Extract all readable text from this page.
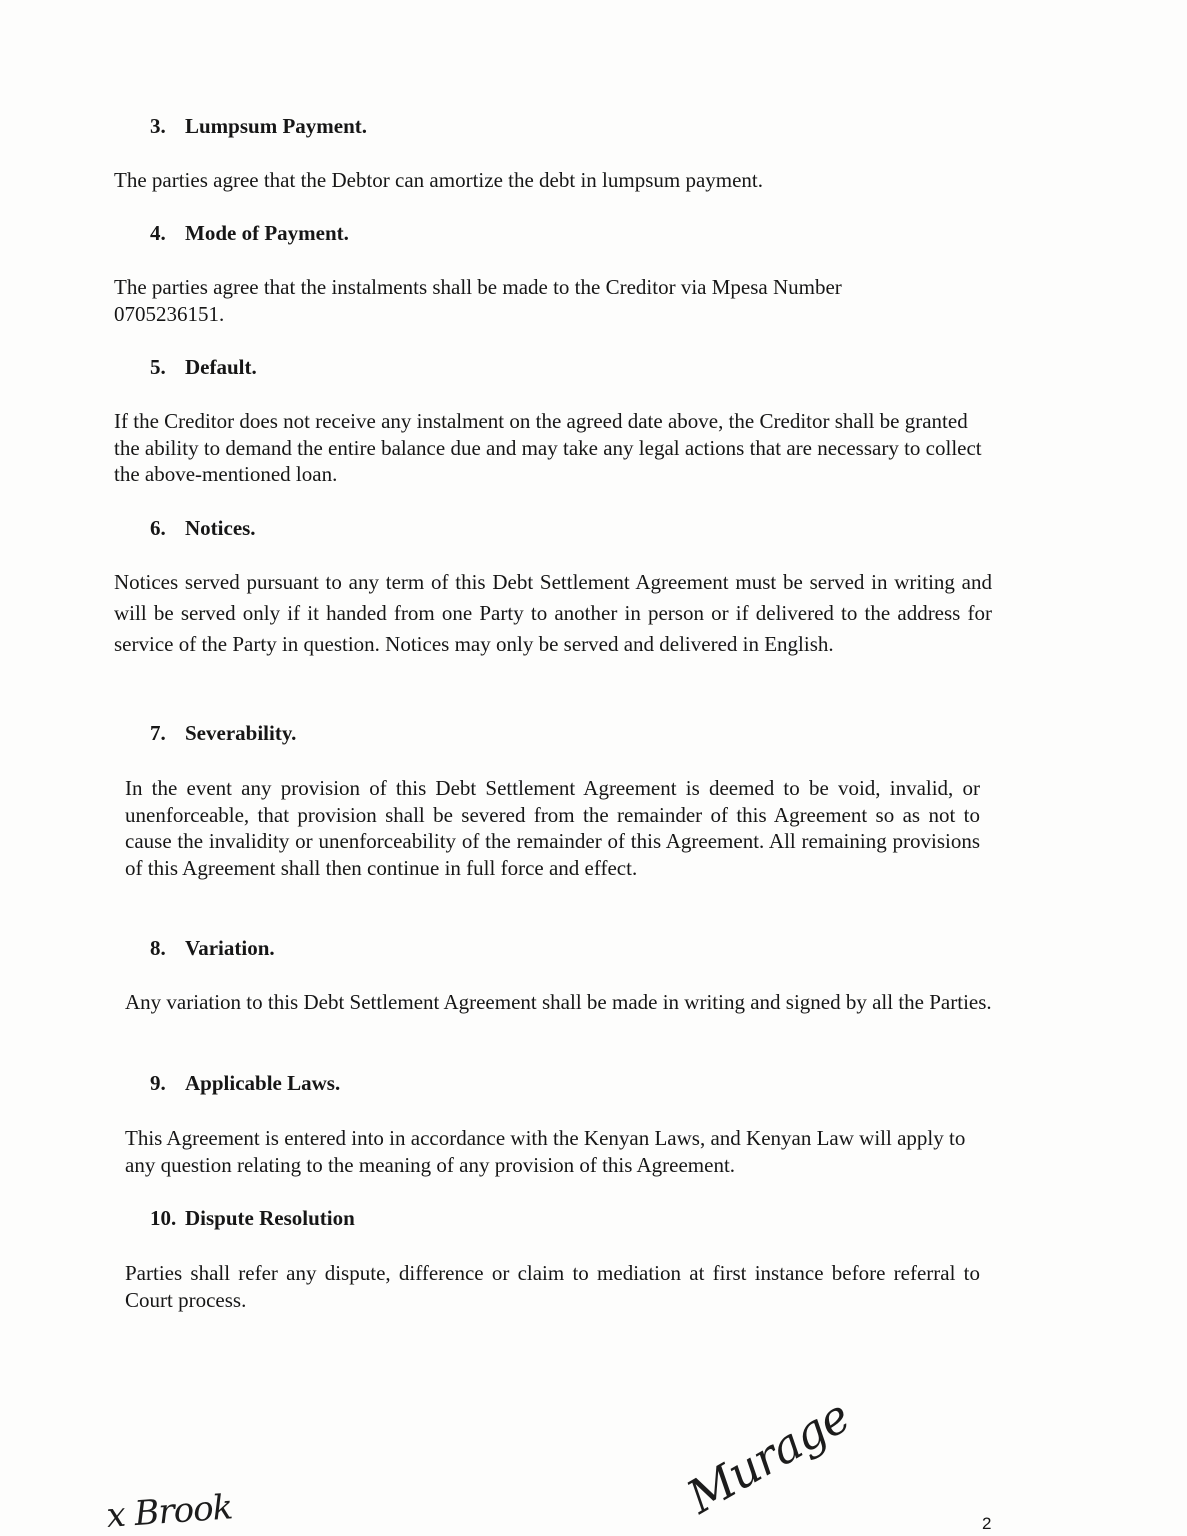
3. Lumpsum Payment.

The parties agree that the Debtor can amortize the debt in lumpsum payment.

4. Mode of Payment.

The parties agree that the instalments shall be made to the Creditor via Mpesa Number 0705236151.

5. Default.

If the Creditor does not receive any instalment on the agreed date above, the Creditor shall be granted the ability to demand the entire balance due and may take any legal actions that are necessary to collect the above-mentioned loan.

6. Notices.

Notices served pursuant to any term of this Debt Settlement Agreement must be served in writing and will be served only if it handed from one Party to another in person or if delivered to the address for service of the Party in question. Notices may only be served and delivered in English.

7. Severability.

In the event any provision of this Debt Settlement Agreement is deemed to be void, invalid, or unenforceable, that provision shall be severed from the remainder of this Agreement so as not to cause the invalidity or unenforceability of the remainder of this Agreement. All remaining provisions of this Agreement shall then continue in full force and effect.

8. Variation.

Any variation to this Debt Settlement Agreement shall be made in writing and signed by all the Parties.

9. Applicable Laws.

This Agreement is entered into in accordance with the Kenyan Laws, and Kenyan Law will apply to any question relating to the meaning of any provision of this Agreement.

10. Dispute Resolution

Parties shall refer any dispute, difference or claim to mediation at first instance before referral to Court process.

x Brook	Murage	2
